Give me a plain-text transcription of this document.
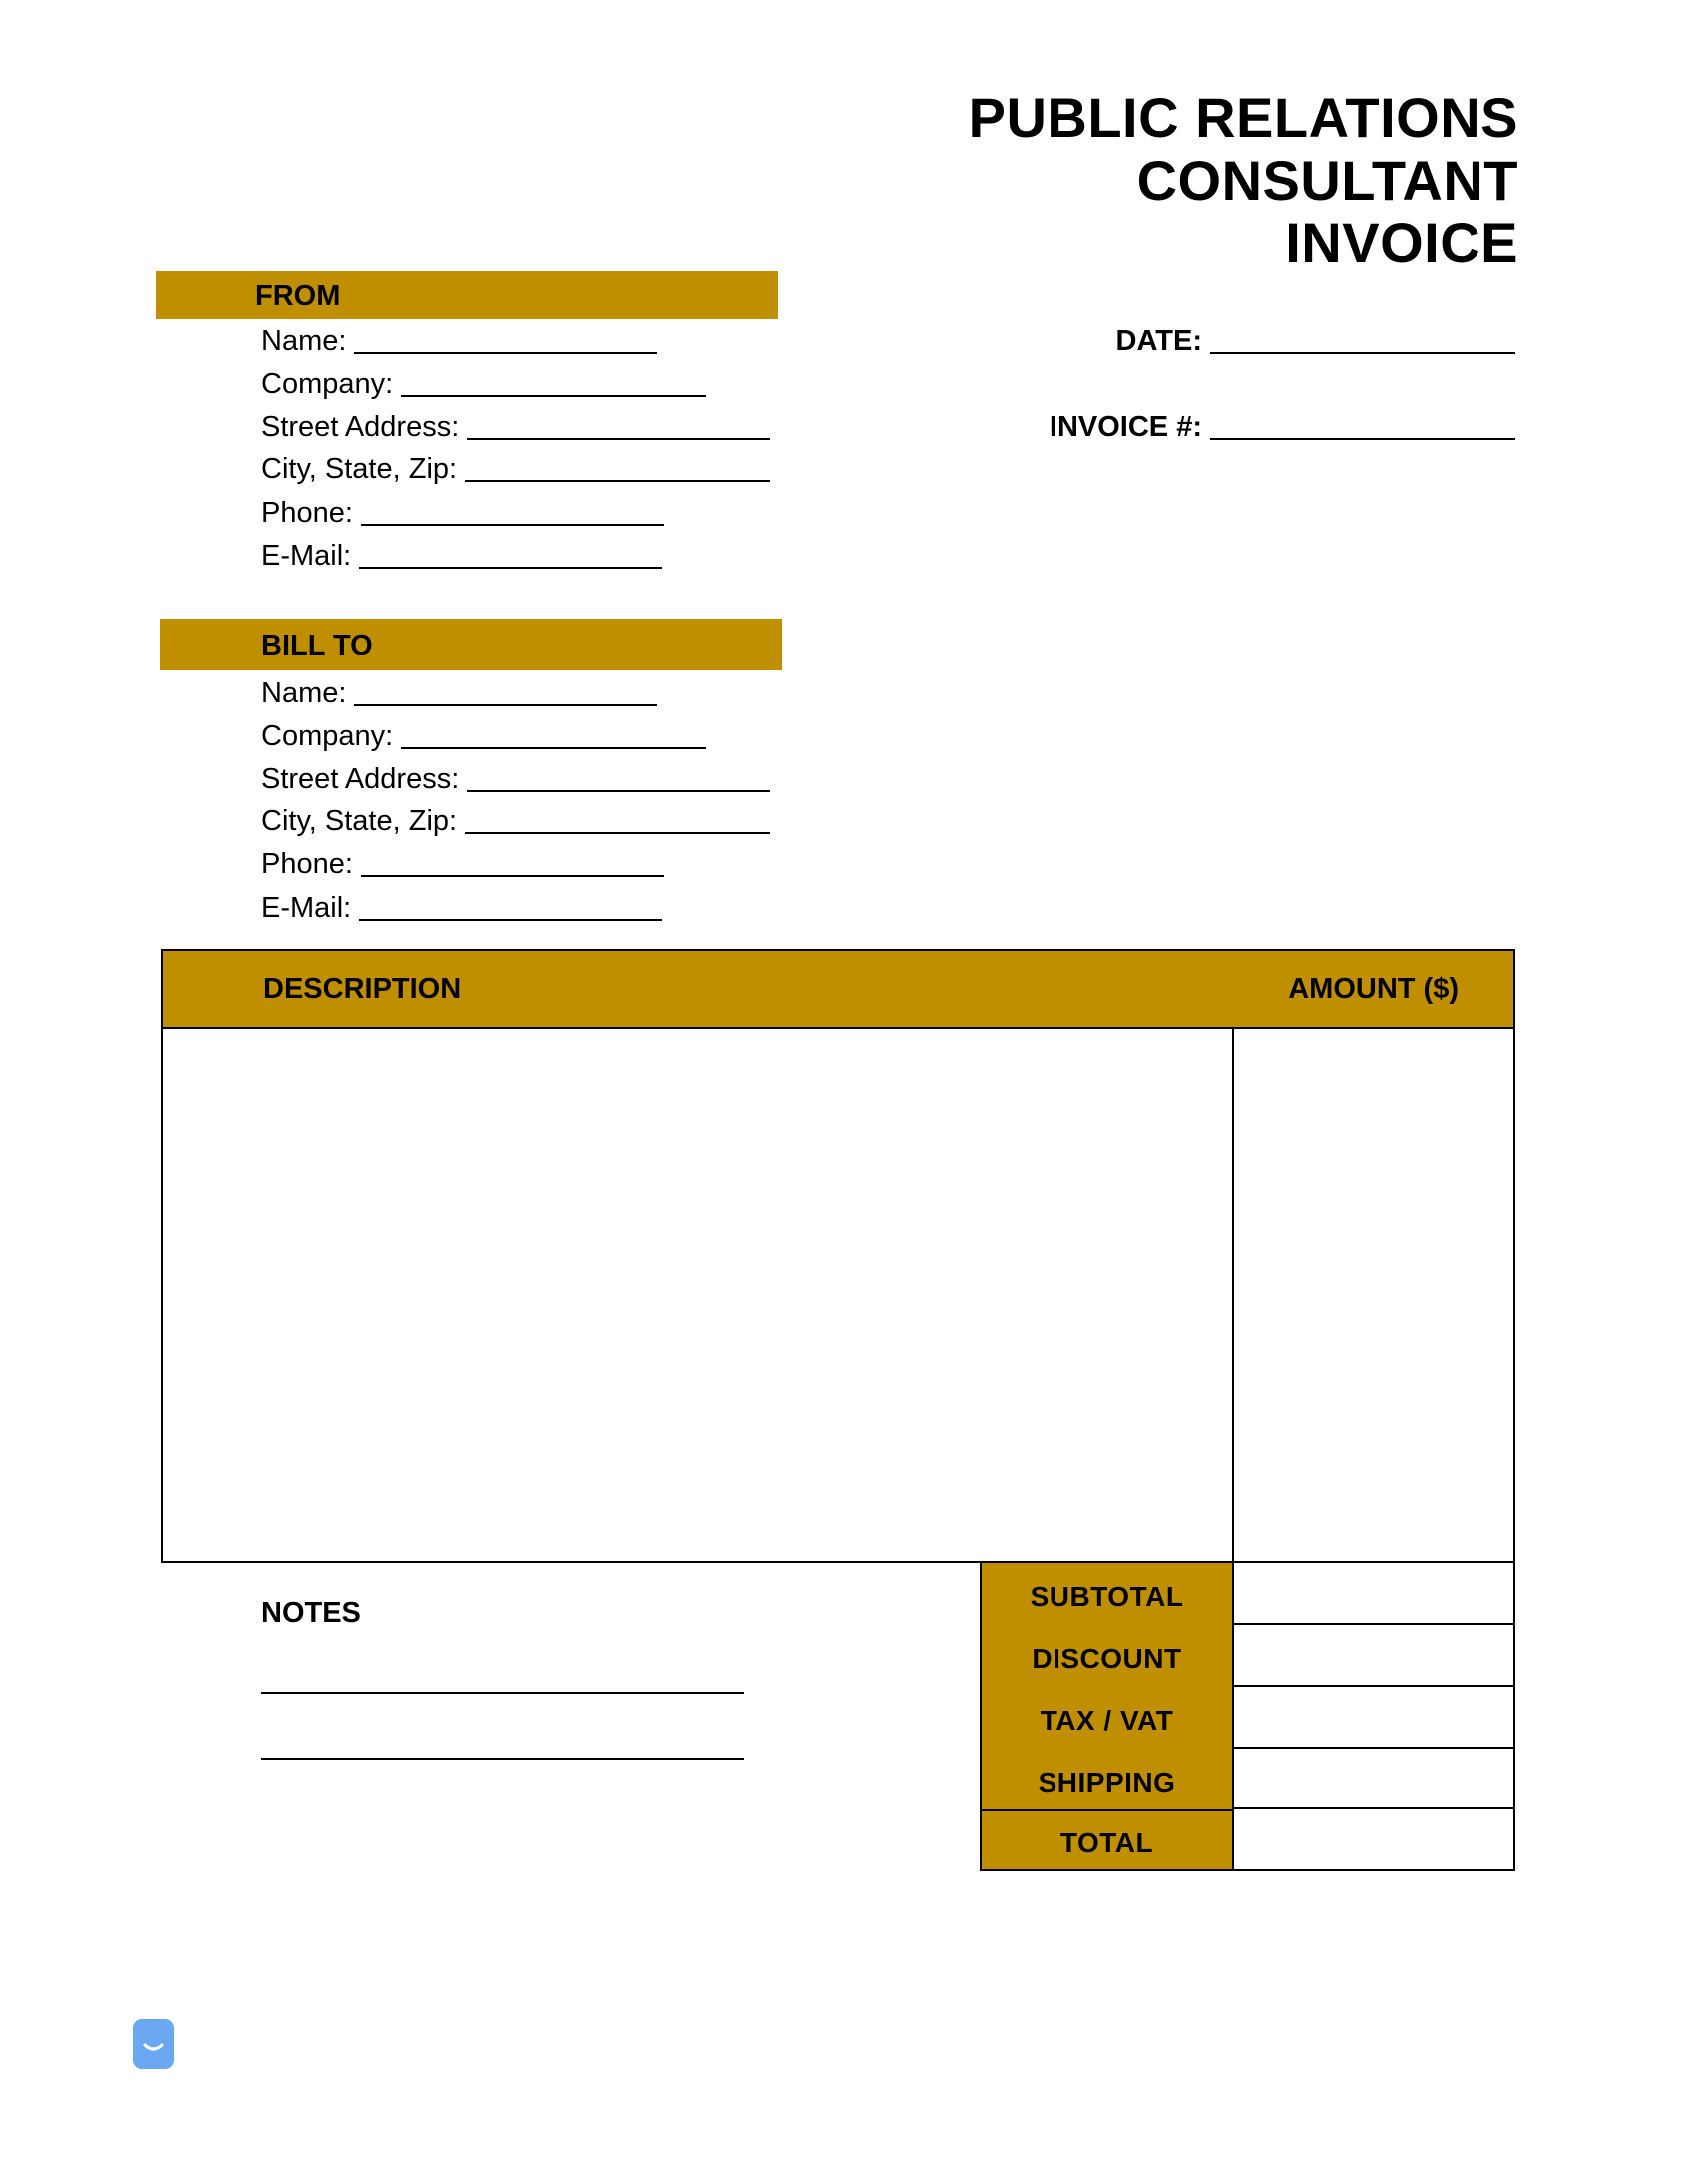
PUBLIC RELATIONS
CONSULTANT
INVOICE
FROM
Name:
Company:
Street Address:
City, State, Zip:
Phone:
E-Mail:
DATE:
INVOICE #:
BILL TO
Name:
Company:
Street Address:
City, State, Zip:
Phone:
E-Mail:
DESCRIPTION	AMOUNT ($)
NOTES
SUBTOTAL
DISCOUNT
TAX / VAT
SHIPPING
TOTAL
